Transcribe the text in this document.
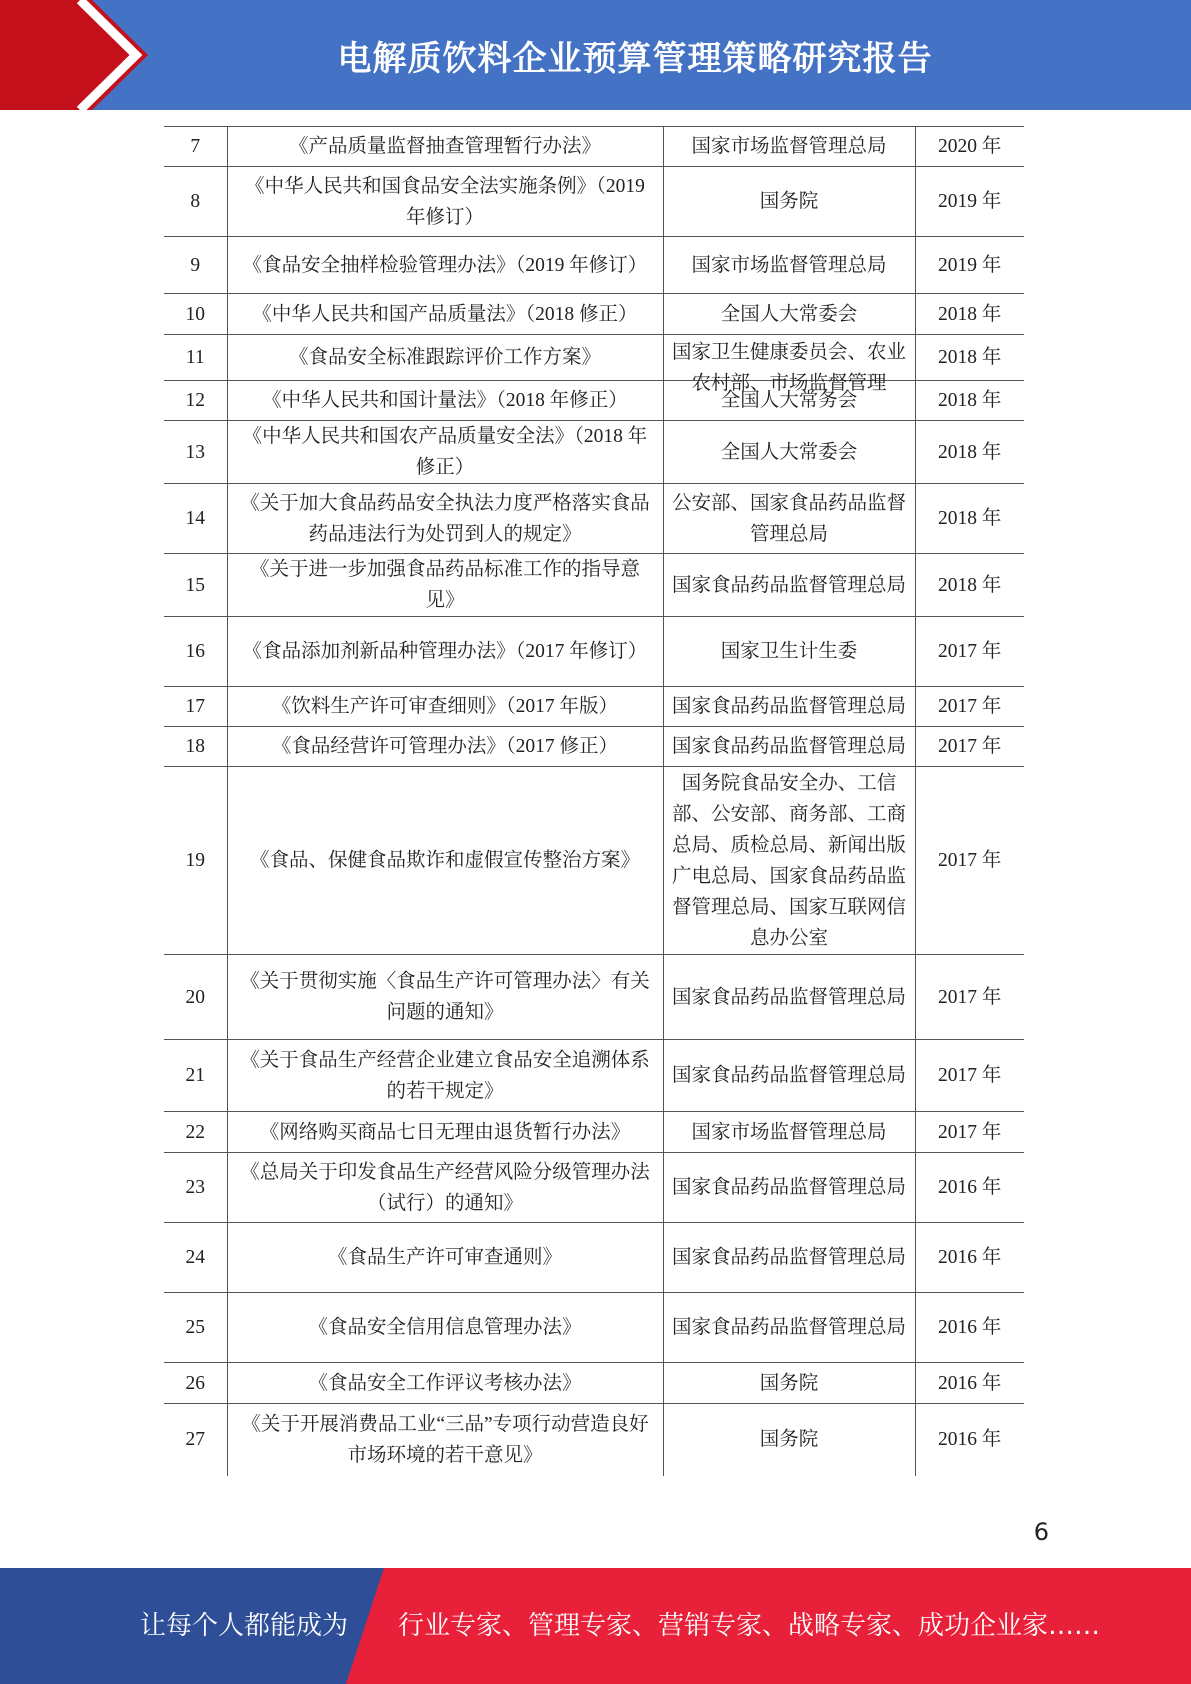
电解质饮料企业预算管理策略研究报告
7	《产品质量监督抽查管理暂行办法》	国家市场监督管理总局	2020 年

8	《中华人民共和国食品安全法实施条例》（2019 年修订）	国务院	2019 年

9	《食品安全抽样检验管理办法》（2019 年修订）	国家市场监督管理总局	2019 年

10	《中华人民共和国产品质量法》（2018 修正）	全国人大常委会	2018 年

11	《食品安全标准跟踪评价工作方案》	国家卫生健康委员会、农业农村部、市场监督管理	2018 年

12	《中华人民共和国计量法》（2018 年修正）	全国人大常务会	2018 年

13	《中华人民共和国农产品质量安全法》（2018 年修正）	全国人大常委会	2018 年

14	《关于加大食品药品安全执法力度严格落实食品药品违法行为处罚到人的规定》	公安部、国家食品药品监督管理总局	2018 年

15	《关于进一步加强食品药品标准工作的指导意见》	国家食品药品监督管理总局	2018 年

16	《食品添加剂新品种管理办法》（2017 年修订）	国家卫生计生委	2017 年

17	《饮料生产许可审查细则》（2017 年版）	国家食品药品监督管理总局	2017 年

18	《食品经营许可管理办法》（2017 修正）	国家食品药品监督管理总局	2017 年

19	《食品、保健食品欺诈和虚假宣传整治方案》	国务院食品安全办、工信部、公安部、商务部、工商总局、质检总局、新闻出版广电总局、国家食品药品监督管理总局、国家互联网信息办公室	2017 年

20	《关于贯彻实施〈食品生产许可管理办法〉有关问题的通知》	国家食品药品监督管理总局	2017 年

21	《关于食品生产经营企业建立食品安全追溯体系的若干规定》	国家食品药品监督管理总局	2017 年

22	《网络购买商品七日无理由退货暂行办法》	国家市场监督管理总局	2017 年

23	《总局关于印发食品生产经营风险分级管理办法（试行）的通知》	国家食品药品监督管理总局	2016 年

24	《食品生产许可审查通则》	国家食品药品监督管理总局	2016 年

25	《食品安全信用信息管理办法》	国家食品药品监督管理总局	2016 年

26	《食品安全工作评议考核办法》	国务院	2016 年

27	《关于开展消费品工业“三品”专项行动营造良好市场环境的若干意见》	国务院	2016 年
6
让每个人都能成为 行业专家、管理专家、营销专家、战略专家、成功企业家……
